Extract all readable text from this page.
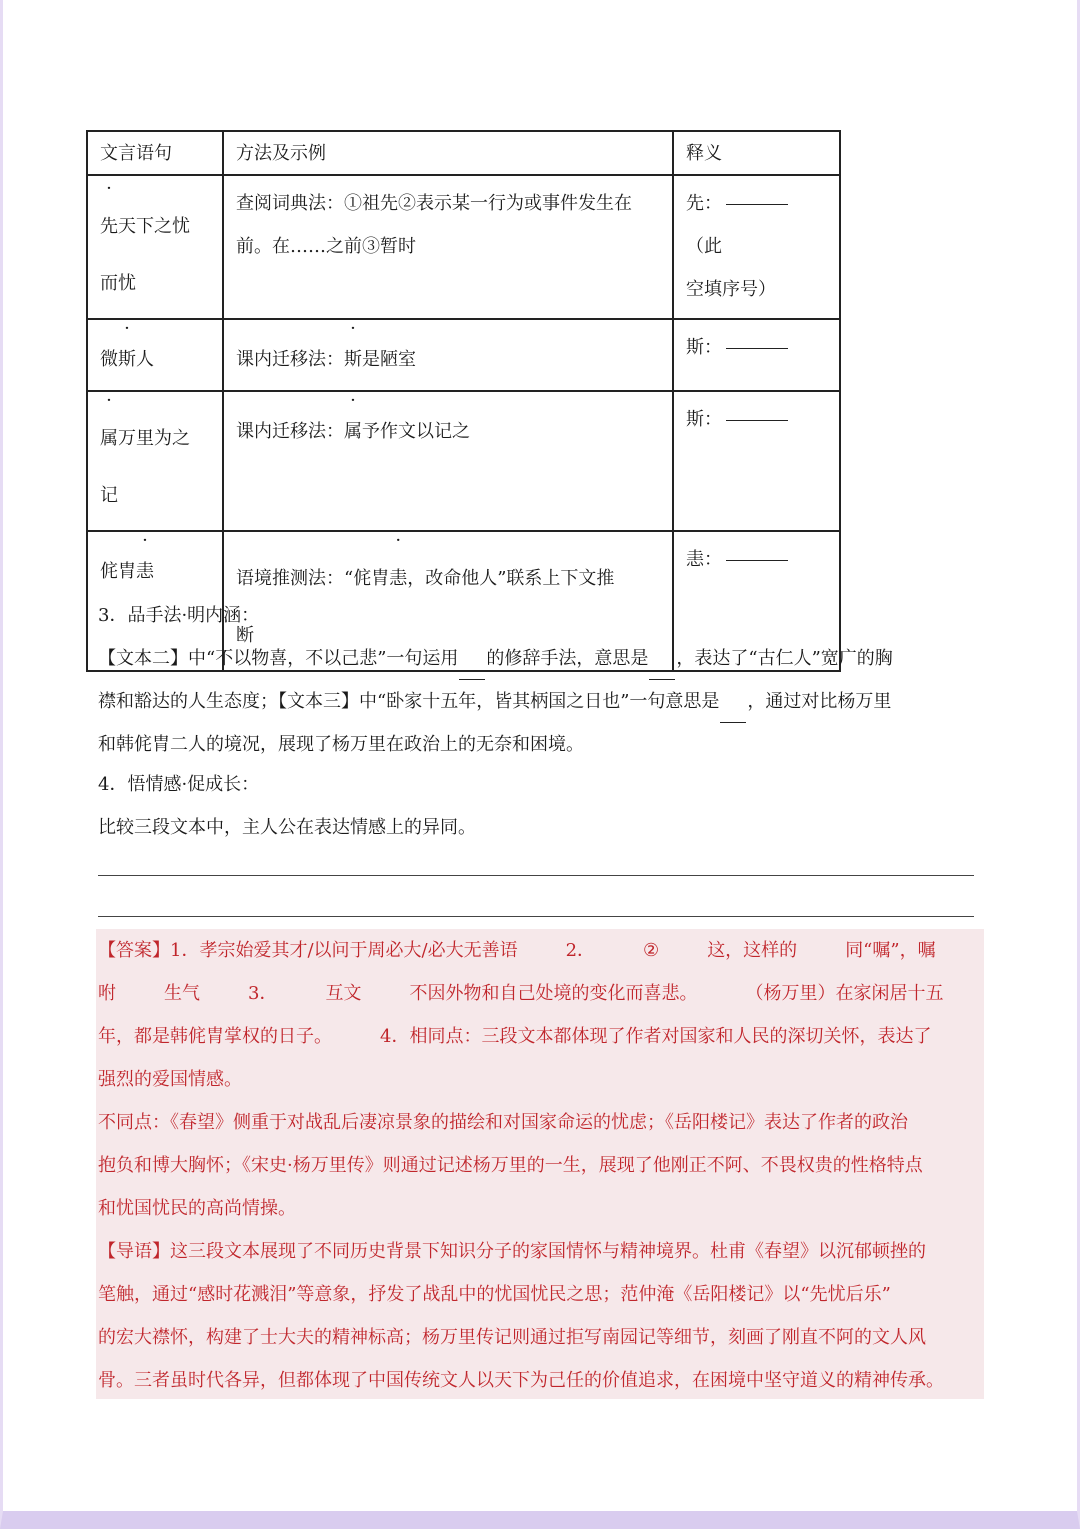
文言语句	方法及示例	释义
先天下之忧
而忧	查阅词典法：①祖先②表示某一行为或事件发生在
前。在……之前③暂时	先：（此
空填序号）
微斯人	课内迁移法：斯是陋室	斯：
属万里为之
记	课内迁移法：属予作文以记之	斯：
侂胄恚	语境推测法：“侂胄恚，改命他人”联系上下文推
断	恚：
3．品手法·明内涵：
【文本二】中“不以物喜，不以己悲”一句运用 的修辞手法，意思是 ，表达了“古仁人”宽广的胸
襟和豁达的人生态度；【文本三】中“卧家十五年，皆其柄国之日也”一句意思是 ，通过对比杨万里
和韩侂胄二人的境况，展现了杨万里在政治上的无奈和困境。
4．悟情感·促成长：
比较三段文本中，主人公在表达情感上的异同。
【答案】1．孝宗始爱其才/以问于周必大/必大无善语	2．	②	这，这样的	同“嘱”，嘱
咐	生气	3．	互文	不因外物和自己处境的变化而喜悲。	（杨万里）在家闲居十五
年，都是韩侂胄掌权的日子。	4．相同点：三段文本都体现了作者对国家和人民的深切关怀，表达了
强烈的爱国情感。
不同点：《春望》侧重于对战乱后凄凉景象的描绘和对国家命运的忧虑；《岳阳楼记》表达了作者的政治
抱负和博大胸怀；《宋史·杨万里传》则通过记述杨万里的一生，展现了他刚正不阿、不畏权贵的性格特点
和忧国忧民的高尚情操。
【导语】这三段文本展现了不同历史背景下知识分子的家国情怀与精神境界。杜甫《春望》以沉郁顿挫的
笔触，通过“感时花溅泪”等意象，抒发了战乱中的忧国忧民之思；范仲淹《岳阳楼记》以“先忧后乐”
的宏大襟怀，构建了士大夫的精神标高；杨万里传记则通过拒写南园记等细节，刻画了刚直不阿的文人风
骨。三者虽时代各异，但都体现了中国传统文人以天下为己任的价值追求，在困境中坚守道义的精神传承。
